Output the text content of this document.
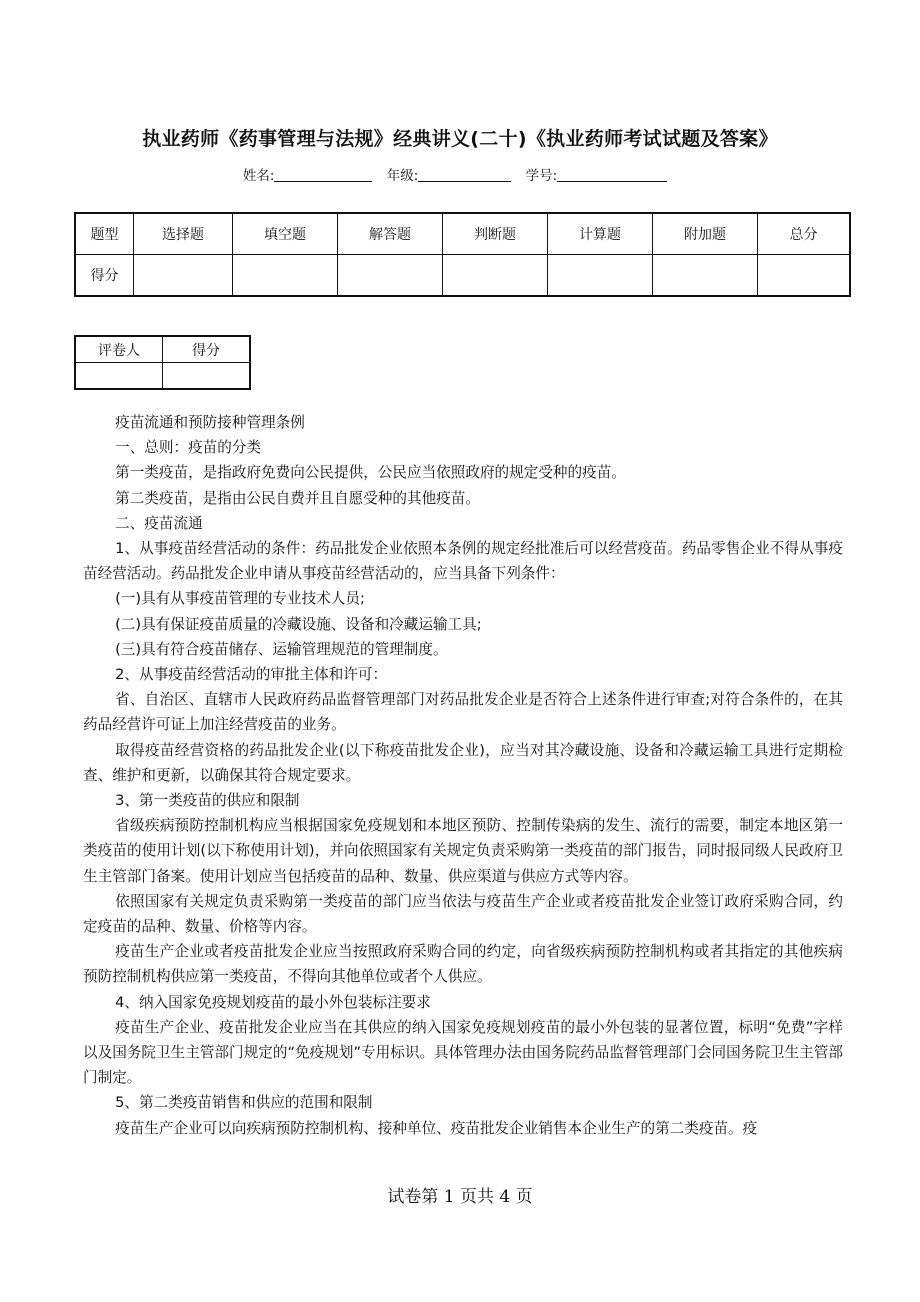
执业药师《药事管理与法规》经典讲义(二十)《执业药师考试试题及答案》
姓名:	年级:	学号:
题型	选择题	填空题	解答题	判断题	计算题	附加题	总分
得分							
评卷人	得分

疫苗流通和预防接种管理条例

一、总则：疫苗的分类

第一类疫苗，是指政府免费向公民提供，公民应当依照政府的规定受种的疫苗。

第二类疫苗，是指由公民自费并且自愿受种的其他疫苗。

二、疫苗流通

1、从事疫苗经营活动的条件：药品批发企业依照本条例的规定经批准后可以经营疫苗。药品零售企业不得从事疫苗经营活动。药品批发企业申请从事疫苗经营活动的，应当具备下列条件：

(一)具有从事疫苗管理的专业技术人员;

(二)具有保证疫苗质量的冷藏设施、设备和冷藏运输工具;

(三)具有符合疫苗储存、运输管理规范的管理制度。

2、从事疫苗经营活动的审批主体和许可：

省、自治区、直辖市人民政府药品监督管理部门对药品批发企业是否符合上述条件进行审查;对符合条件的，在其药品经营许可证上加注经营疫苗的业务。

取得疫苗经营资格的药品批发企业(以下称疫苗批发企业)，应当对其冷藏设施、设备和冷藏运输工具进行定期检查、维护和更新，以确保其符合规定要求。

3、第一类疫苗的供应和限制

省级疾病预防控制机构应当根据国家免疫规划和本地区预防、控制传染病的发生、流行的需要，制定本地区第一类疫苗的使用计划(以下称使用计划)，并向依照国家有关规定负责采购第一类疫苗的部门报告，同时报同级人民政府卫生主管部门备案。使用计划应当包括疫苗的品种、数量、供应渠道与供应方式等内容。

依照国家有关规定负责采购第一类疫苗的部门应当依法与疫苗生产企业或者疫苗批发企业签订政府采购合同，约定疫苗的品种、数量、价格等内容。

疫苗生产企业或者疫苗批发企业应当按照政府采购合同的约定，向省级疾病预防控制机构或者其指定的其他疾病预防控制机构供应第一类疫苗，不得向其他单位或者个人供应。

4、纳入国家免疫规划疫苗的最小外包装标注要求

疫苗生产企业、疫苗批发企业应当在其供应的纳入国家免疫规划疫苗的最小外包装的显著位置，标明“免费”字样以及国务院卫生主管部门规定的“免疫规划”专用标识。具体管理办法由国务院药品监督管理部门会同国务院卫生主管部门制定。

5、第二类疫苗销售和供应的范围和限制

疫苗生产企业可以向疾病预防控制机构、接种单位、疫苗批发企业销售本企业生产的第二类疫苗。疫

试卷第 1 页共 4 页
